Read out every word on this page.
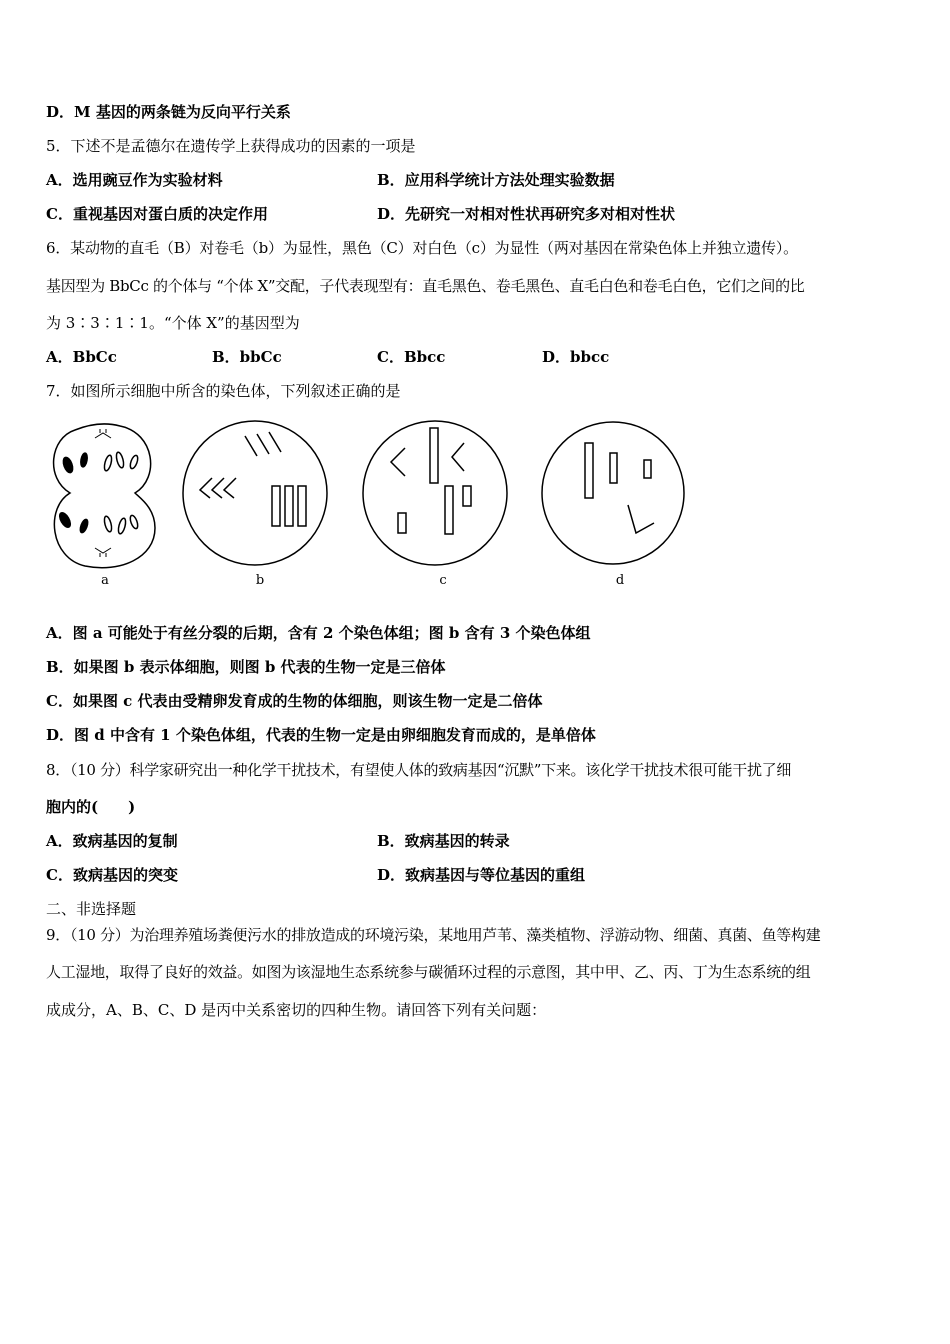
D．M 基因的两条链为反向平行关系
5．下述不是孟德尔在遗传学上获得成功的因素的一项是
A．选用豌豆作为实验材料	B．应用科学统计方法处理实验数据
C．重视基因对蛋白质的决定作用	D．先研究一对相对性状再研究多对相对性状
6．某动物的直毛（B）对卷毛（b）为显性，黑色（C）对白色（c）为显性（两对基因在常染色体上并独立遗传）。
基因型为 BbCc 的个体与 “个体 X”交配，子代表现型有：直毛黑色、卷毛黑色、直毛白色和卷毛白色，它们之间的比
为 3∶3∶1∶1。“个体 X”的基因型为
A．BbCc	B．bbCc	C．Bbcc	D．bbcc
7．如图所示细胞中所含的染色体，下列叙述正确的是
a	b	c	d
A．图 a 可能处于有丝分裂的后期，含有 2 个染色体组；图 b 含有 3 个染色体组
B．如果图 b 表示体细胞，则图 b 代表的生物一定是三倍体
C．如果图 c 代表由受精卵发育成的生物的体细胞，则该生物一定是二倍体
D．图 d 中含有 1 个染色体组，代表的生物一定是由卵细胞发育而成的，是单倍体
8．（10 分）科学家研究出一种化学干扰技术，有望使人体的致病基因“沉默”下来。该化学干扰技术很可能干扰了细
胞内的(　　)
A．致病基因的复制	B．致病基因的转录
C．致病基因的突变	D．致病基因与等位基因的重组
二、非选择题
9．（10 分）为治理养殖场粪便污水的排放造成的环境污染，某地用芦苇、藻类植物、浮游动物、细菌、真菌、鱼等构建
人工湿地，取得了良好的效益。如图为该湿地生态系统参与碳循环过程的示意图，其中甲、乙、丙、丁为生态系统的组
成成分，A、B、C、D 是丙中关系密切的四种生物。请回答下列有关问题：
